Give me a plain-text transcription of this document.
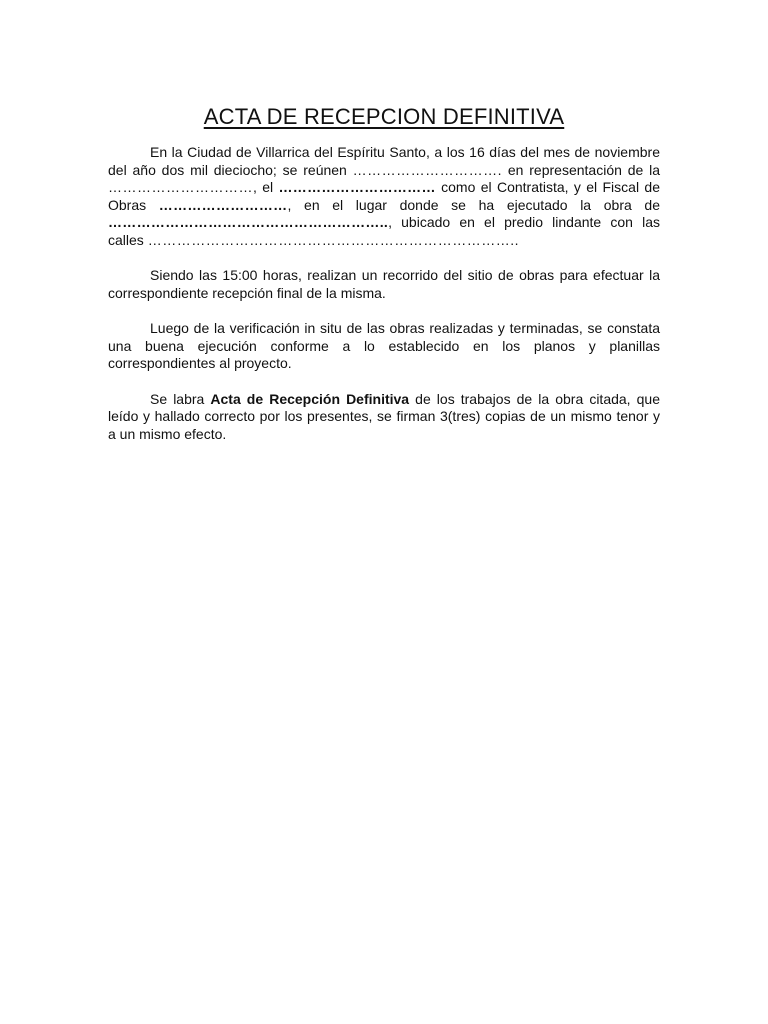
ACTA DE RECEPCION DEFINITIVA

En la Ciudad de Villarrica del Espíritu Santo, a los 16 días del mes de noviembre del año dos mil dieciocho; se reúnen …………………………. en representación de la …………………………, el …………………………… como el Contratista, y el Fiscal de Obras ………………………, en el lugar donde se ha ejecutado la obra de ………………………………………………….., ubicado en el predio lindante con las calles …………………………………………………………………..

Siendo las 15:00 horas, realizan un recorrido del sitio de obras para efectuar la correspondiente recepción final de la misma.

Luego de la verificación in situ de las obras realizadas y terminadas, se constata una buena ejecución conforme a lo establecido en los planos y planillas correspondientes al proyecto.

Se labra Acta de Recepción Definitiva de los trabajos de la obra citada, que leído y hallado correcto por los presentes, se firman 3(tres) copias de un mismo tenor y a un mismo efecto.
